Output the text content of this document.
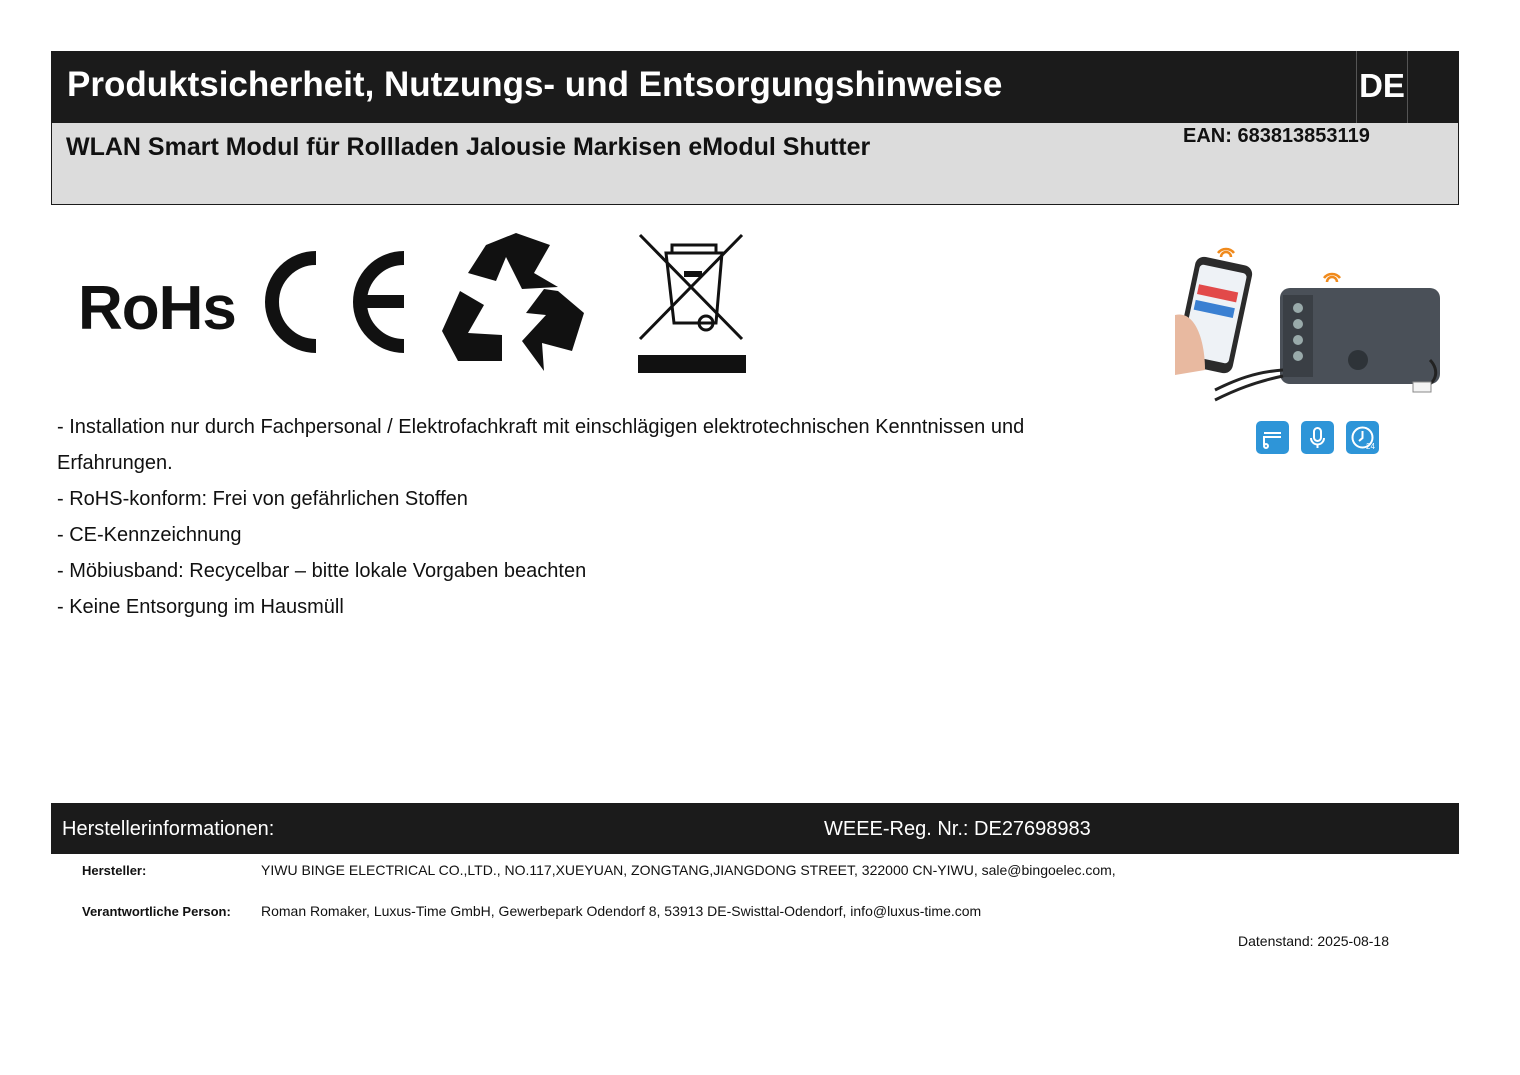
Produktsicherheit, Nutzungs- und Entsorgungshinweise	DE
WLAN Smart Modul für Rollladen Jalousie Markisen eModul Shutter	EAN: 683813853119
RoHs
24
- Installation nur durch Fachpersonal / Elektrofachkraft mit einschlägigen elektrotechnischen Kenntnissen und Erfahrungen.
- RoHS-konform: Frei von gefährlichen Stoffen
- CE-Kennzeichnung
- Möbiusband: Recycelbar – bitte lokale Vorgaben beachten
- Keine Entsorgung im Hausmüll
Herstellerinformationen:	WEEE-Reg. Nr.: DE27698983
Hersteller:	YIWU BINGE ELECTRICAL CO.,LTD., NO.117,XUEYUAN, ZONGTANG,JIANGDONG STREET, 322000 CN-YIWU, sale@bingoelec.com,
Verantwortliche Person: Roman Romaker, Luxus-Time GmbH, Gewerbepark Odendorf 8, 53913 DE-Swisttal-Odendorf, info@luxus-time.com
Datenstand: 2025-08-18
